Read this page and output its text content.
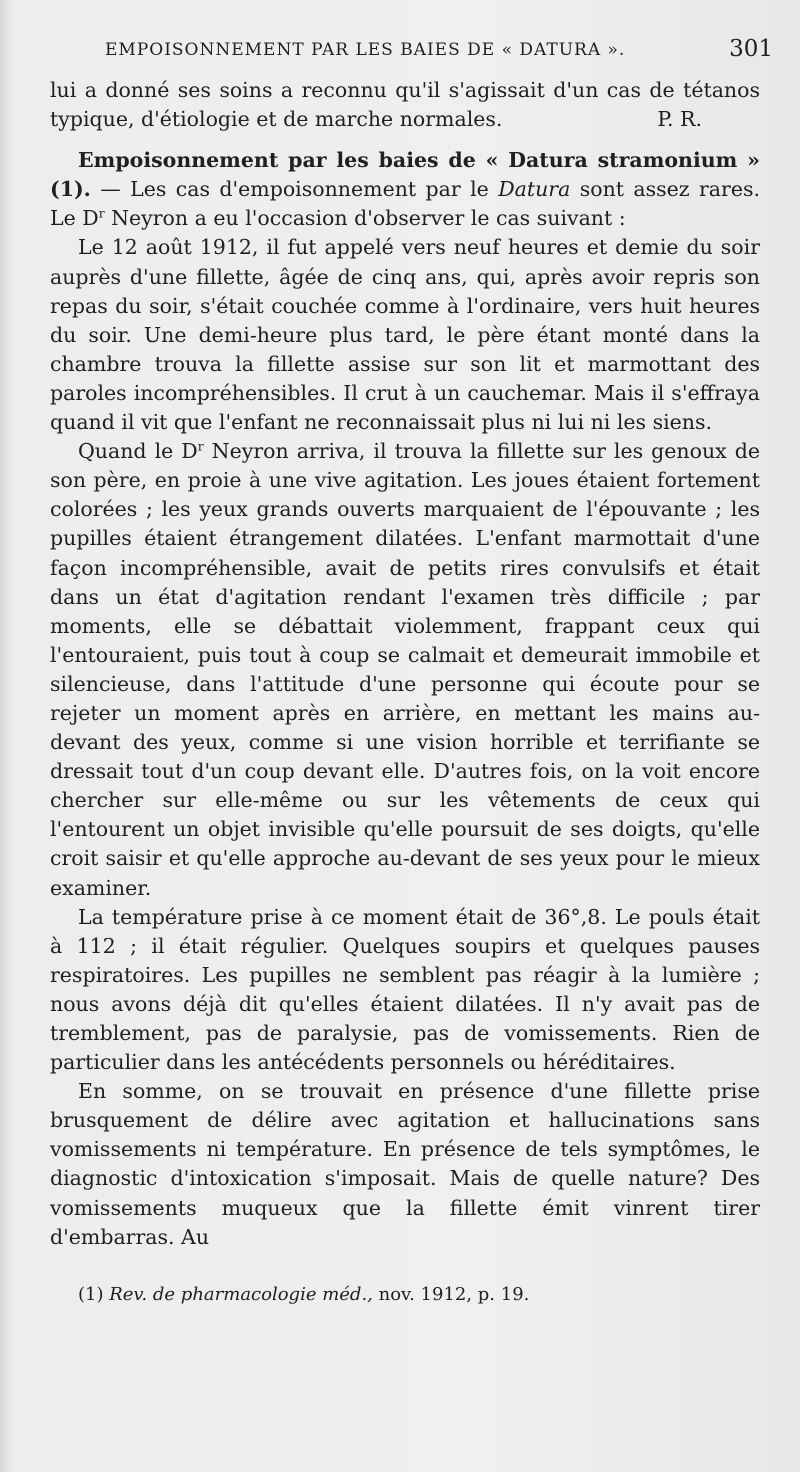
EMPOISONNEMENT PAR LES BAIES DE « DATURA ».	301

lui a donné ses soins a reconnu qu'il s'agissait d'un cas de tétanos typique, d'étiologie et de marche normales.	P. R.

Empoisonnement par les baies de « Datura stramonium » (1). — Les cas d'empoisonnement par le Datura sont assez rares. Le $D^r$ Neyron a eu l'occasion d'observer le cas suivant :

Le 12 août 1912, il fut appelé vers neuf heures et demie du soir auprès d'une fillette, âgée de cinq ans, qui, après avoir repris son repas du soir, s'était couchée comme à l'ordinaire, vers huit heures du soir. Une demi-heure plus tard, le père étant monté dans la chambre trouva la fillette assise sur son lit et marmottant des paroles incompréhensibles. Il crut à un cauchemar. Mais il s'effraya quand il vit que l'enfant ne reconnaissait plus ni lui ni les siens.

Quand le $D^r$ Neyron arriva, il trouva la fillette sur les genoux de son père, en proie à une vive agitation. Les joues étaient fortement colorées ; les yeux grands ouverts marquaient de l'épouvante ; les pupilles étaient étrangement dilatées. L'enfant marmottait d'une façon incompréhensible, avait de petits rires convulsifs et était dans un état d'agitation rendant l'examen très difficile ; par moments, elle se débattait violemment, frappant ceux qui l'entouraient, puis tout à coup se calmait et demeurait immobile et silencieuse, dans l'attitude d'une personne qui écoute pour se rejeter un moment après en arrière, en mettant les mains au-devant des yeux, comme si une vision horrible et terrifiante se dressait tout d'un coup devant elle. D'autres fois, on la voit encore chercher sur elle-même ou sur les vêtements de ceux qui l'entourent un objet invisible qu'elle poursuit de ses doigts, qu'elle croit saisir et qu'elle approche au-devant de ses yeux pour le mieux examiner.

La température prise à ce moment était de 36°,8. Le pouls était à 112 ; il était régulier. Quelques soupirs et quelques pauses respiratoires. Les pupilles ne semblent pas réagir à la lumière ; nous avons déjà dit qu'elles étaient dilatées. Il n'y avait pas de tremblement, pas de paralysie, pas de vomissements. Rien de particulier dans les antécédents personnels ou héréditaires.

En somme, on se trouvait en présence d'une fillette prise brusquement de délire avec agitation et hallucinations sans vomissements ni température. En présence de tels symptômes, le diagnostic d'intoxication s'imposait. Mais de quelle nature? Des vomissements muqueux que la fillette émit vinrent tirer d'embarras. Au

(1) Rev. de pharmacologie méd., nov. 1912, p. 19.
